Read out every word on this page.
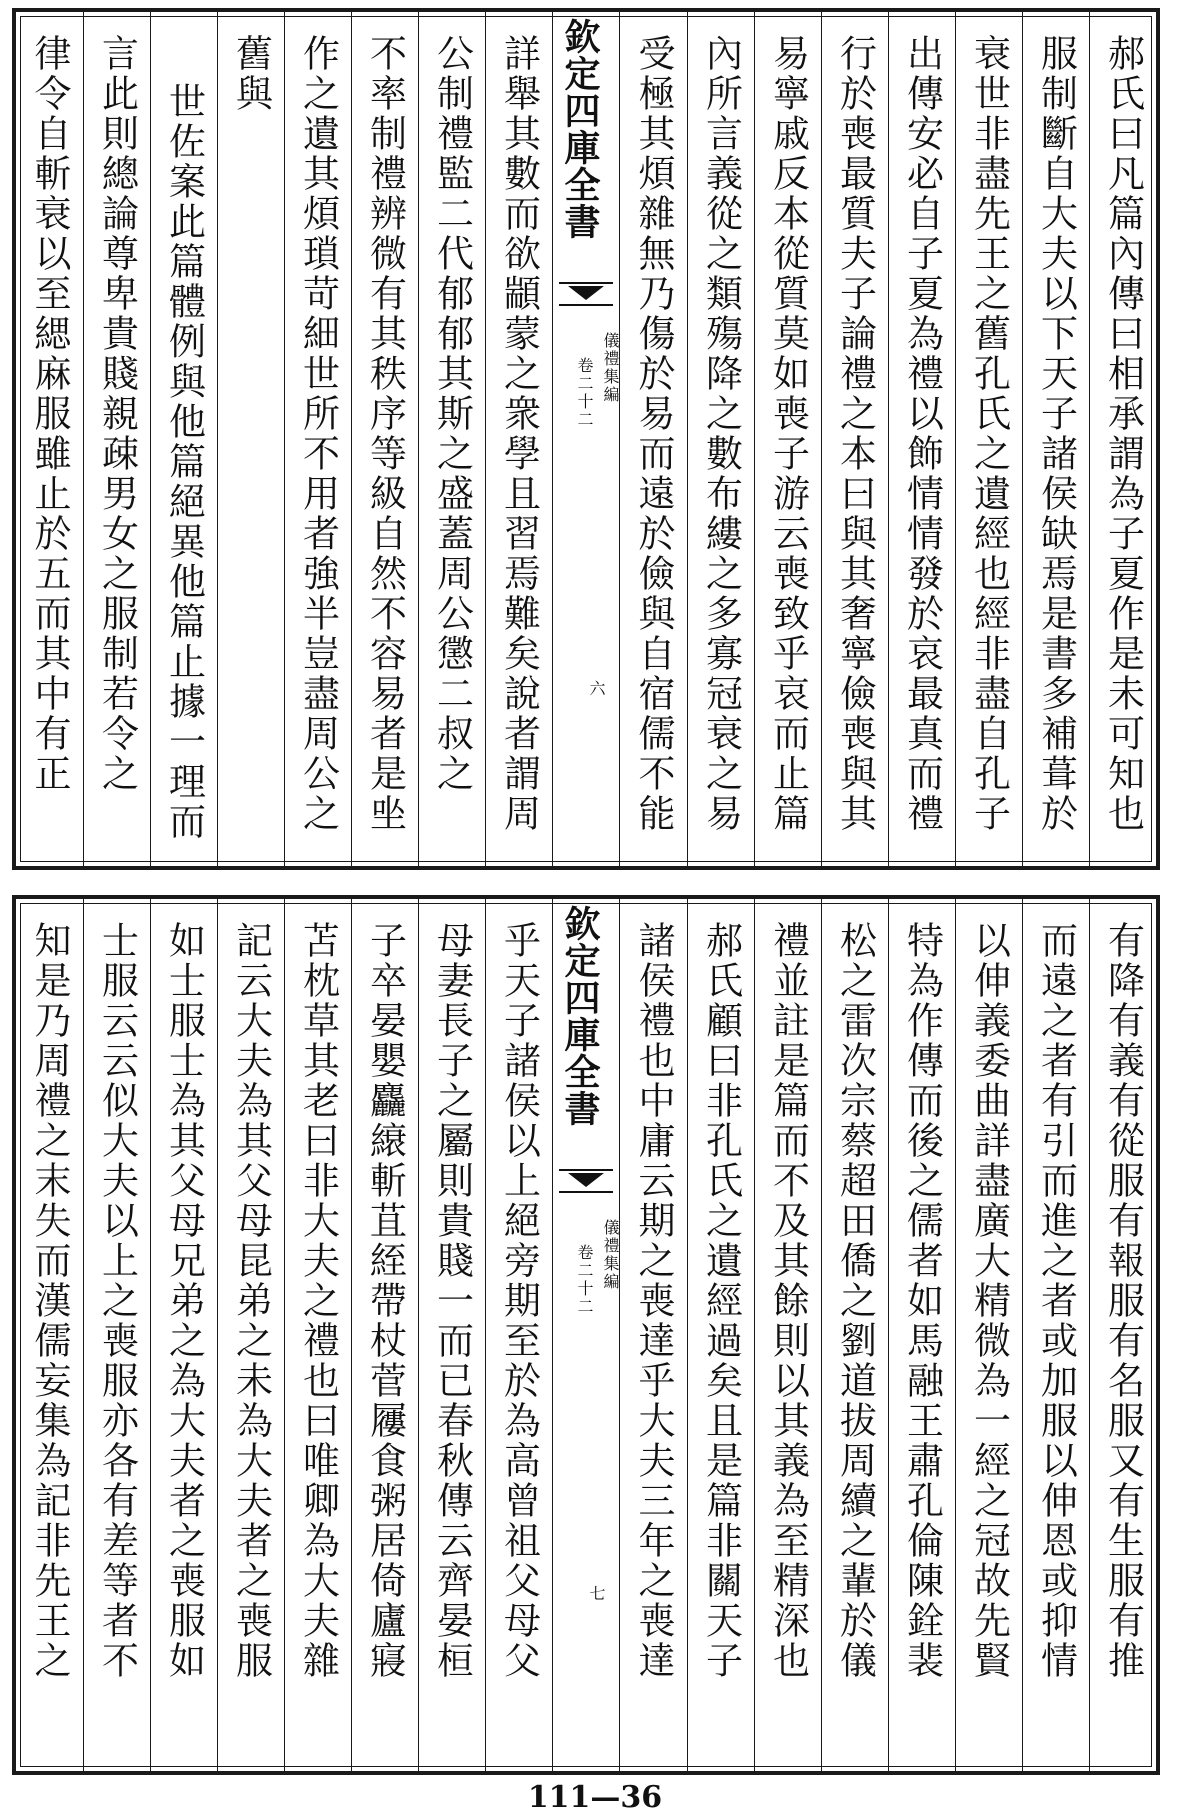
郝氏曰凡篇內傳曰相承謂為子夏作是未可知也
服制斷自大夫以下天子諸侯缺焉是書多補葺於
衰世非盡先王之舊孔氏之遺經也經非盡自孔子
出傳安必自子夏為禮以飾情情發於哀最真而禮
行於喪最質夫子論禮之本曰與其奢寧儉喪與其
易寧戚反本從質莫如喪子游云喪致乎哀而止篇
內所言義從之類殤降之數布縷之多寡冠衰之易
受極其煩雜無乃傷於易而遠於儉與自宿儒不能
欽定四庫全書
儀禮集編
卷二十二
六
詳舉其數而欲顓蒙之衆學且習焉難矣說者謂周
公制禮監二代郁郁其斯之盛蓋周公懲二叔之
不率制禮辨微有其秩序等級自然不容易者是㘴
作之遺其煩瑣苛細世所不用者強半豈盡周公之
舊與
世佐案此篇體例與他篇絕異他篇止據一理而
言此則總論尊卑貴賤親疎男女之服制若令之
律令自斬衰以至緦麻服雖止於五而其中有正
有降有義有從服有報服有名服又有生服有推
而遠之者有引而進之者或加服以伸恩或抑情
以伸義委曲詳盡廣大精微為一經之冠故先賢
特為作傳而後之儒者如馬融王肅孔倫陳銓裴
松之雷次宗蔡超田僑之劉道拔周續之輩於儀
禮並註是篇而不及其餘則以其義為至精深也
郝氏顧曰非孔氏之遺經過矣且是篇非關天子
諸侯禮也中庸云期之喪達乎大夫三年之喪達
欽定四庫全書
儀禮集編
卷二十二
七
乎天子諸侯以上絕旁期至於為高曾祖父母父
母妻長子之屬則貴賤一而已春秋傳云齊晏桓
子卒晏嬰麤縗斬苴絰帶杖菅屨食粥居倚廬寢
苫枕草其老曰非大夫之禮也曰唯卿為大夫雜
記云大夫為其父母昆弟之未為大夫者之喪服
如士服士為其父母兄弟之為大夫者之喪服如
士服云云似大夫以上之喪服亦各有差等者不
知是乃周禮之末失而漢儒妄集為記非先王之
111—36
